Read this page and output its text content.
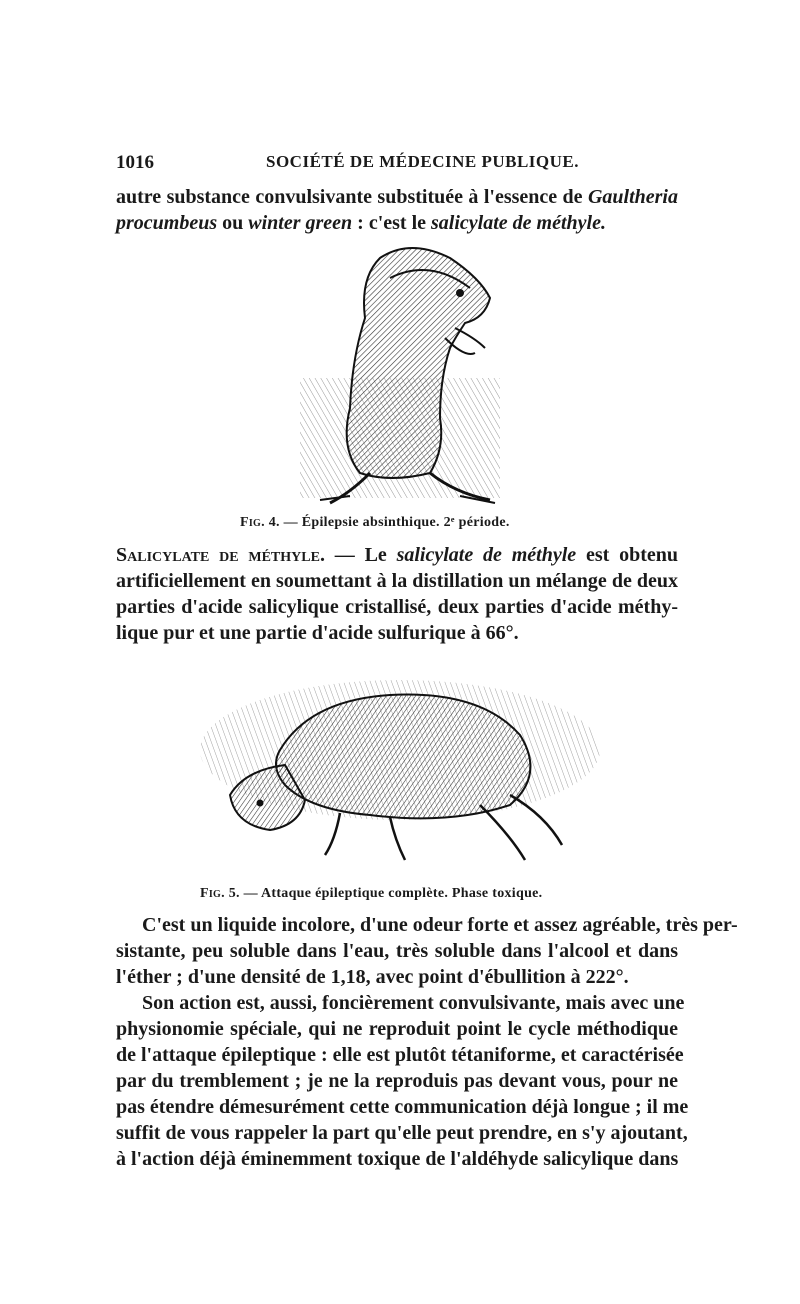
1016	SOCIÉTÉ DE MÉDECINE PUBLIQUE.
autre substance convulsivante substituée à l'essence de Gaultheria
procumbeus ou winter green : c'est le salicylate de méthyle.
Fig. 4. — Épilepsie absinthique. 2ᵉ période.
Salicylate de méthyle. — Le salicylate de méthyle est obtenu
artificiellement en soumettant à la distillation un mélange de deux
parties d'acide salicylique cristallisé, deux parties d'acide méthy-
lique pur et une partie d'acide sulfurique à 66°.
Fig. 5. — Attaque épileptique complète. Phase toxique.
C'est un liquide incolore, d'une odeur forte et assez agréable, très per-
sistante, peu soluble dans l'eau, très soluble dans l'alcool et dans
l'éther ; d'une densité de 1,18, avec point d'ébullition à 222°.
Son action est, aussi, foncièrement convulsivante, mais avec une
physionomie spéciale, qui ne reproduit point le cycle méthodique
de l'attaque épileptique : elle est plutôt tétaniforme, et caractérisée
par du tremblement ; je ne la reproduis pas devant vous, pour ne
pas étendre démesurément cette communication déjà longue ; il me
suffit de vous rappeler la part qu'elle peut prendre, en s'y ajoutant,
à l'action déjà éminemment toxique de l'aldéhyde salicylique dans
